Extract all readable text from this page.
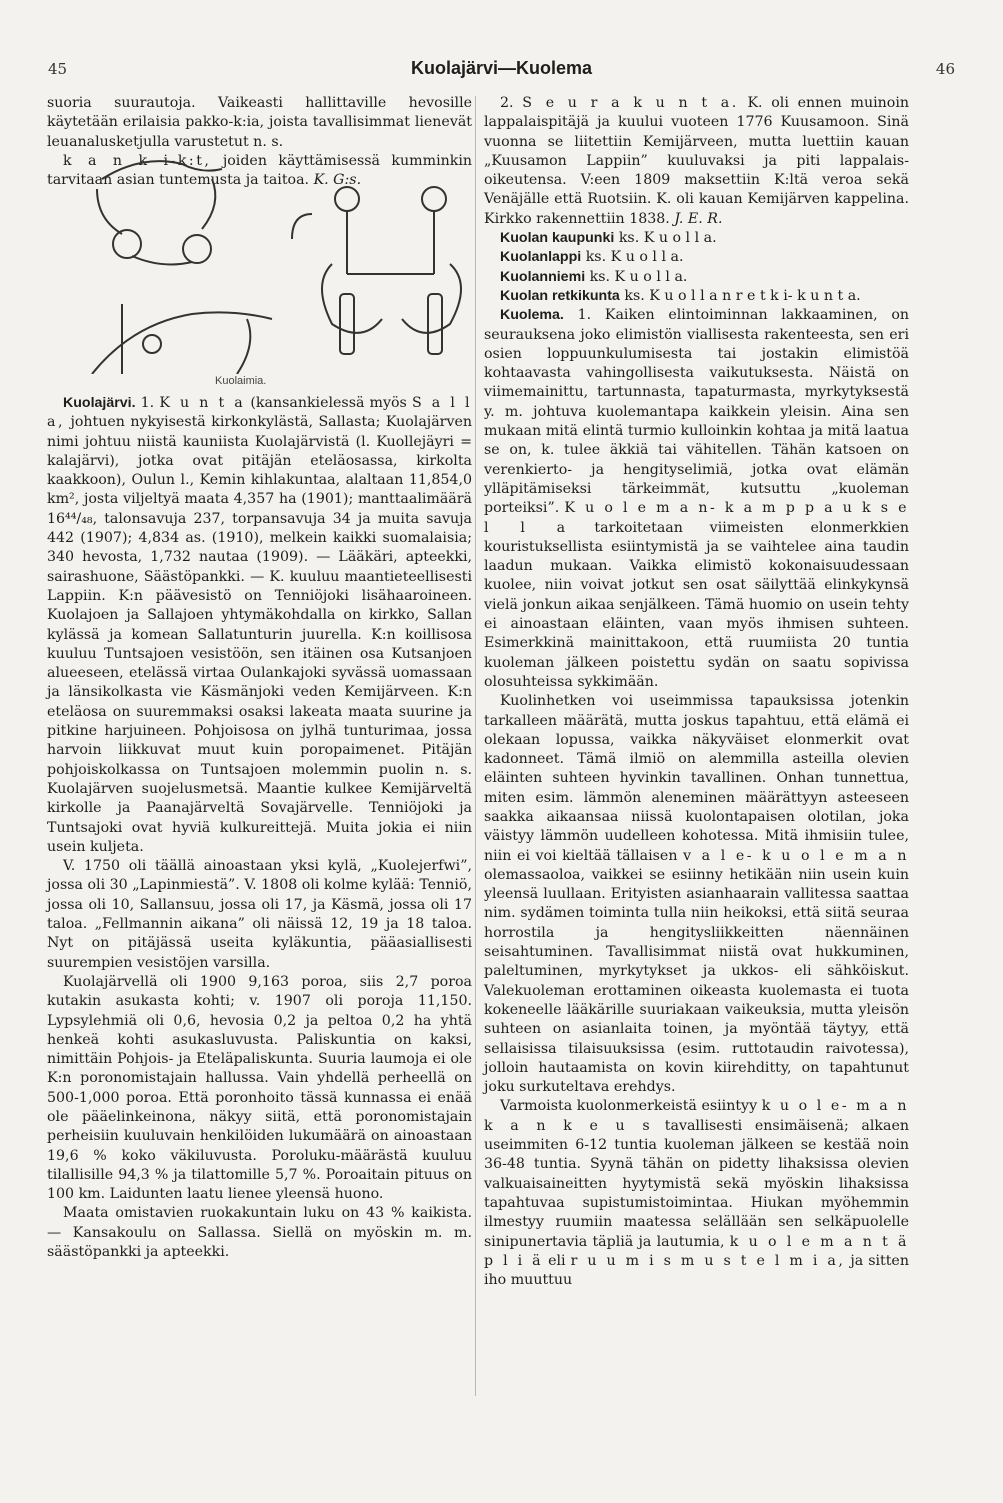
45	Kuolajärvi—Kuolema	46

suoria suurautoja. Vaikeasti hallittaville hevosille käytetään erilaisia pakko-k:ia, joista tavallisimmat lienevät leuanalusketjulla varustetut n. s.

k a n k i-k:t, joiden käyttämisessä kumminkin tarvitaan asian tuntemusta ja taitoa. K. G:s.

Kuolaimia.

Kuolajärvi. 1. K u n t a (kansankielessä myös S a l l a, johtuen nykyisestä kirkonkylästä, Sallasta; Kuolajärven nimi johtuu niistä kauniista Kuolajärvistä (l. Kuollejäyri = kalajärvi), jotka ovat pitäjän eteläosassa, kirkolta kaakkoon), Oulun l., Kemin kihlakuntaa, alaltaan 11,854,0 km², josta viljeltyä maata 4,357 ha (1901); manttaalimäärä 16⁴⁴/₄₈, talonsavuja 237, torpansavuja 34 ja muita savuja 442 (1907); 4,834 as. (1910), melkein kaikki suomalaisia; 340 hevosta, 1,732 nautaa (1909). — Lääkäri, apteekki, sairashuone, Säästöpankki. — K. kuuluu maantieteellisesti Lappiin. K:n päävesistö on Tenniöjoki lisähaaroineen. Kuolajoen ja Sallajoen yhtymäkohdalla on kirkko, Sallan kylässä ja komean Sallatunturin juurella. K:n koillisosa kuuluu Tuntsajoen vesistöön, sen itäinen osa Kutsanjoen alueeseen, etelässä virtaa Oulankajoki syvässä uomassaan ja länsikolkasta vie Käsmänjoki veden Kemijärveen. K:n eteläosa on suuremmaksi osaksi lakeata maata suurine ja pitkine harjuineen. Pohjoisosa on jylhä tunturimaa, jossa harvoin liikkuvat muut kuin poropaimenet. Pitäjän pohjoiskolkassa on Tuntsajoen molemmin puolin n. s. Kuolajärven suojelusmetsä. Maantie kulkee Kemijärveltä kirkolle ja Paanajärveltä Sovajärvelle. Tenniöjoki ja Tuntsajoki ovat hyviä kulkureittejä. Muita jokia ei niin usein kuljeta.

V. 1750 oli täällä ainoastaan yksi kylä, „Kuolejerfwi”, jossa oli 30 „Lapinmiestä”. V. 1808 oli kolme kylää: Tenniö, jossa oli 10, Sallansuu, jossa oli 17, ja Käsmä, jossa oli 17 taloa. „Fellmannin aikana” oli näissä 12, 19 ja 18 taloa. Nyt on pitäjässä useita kyläkuntia, pääasiallisesti suurempien vesistöjen varsilla.

Kuolajärvellä oli 1900 9,163 poroa, siis 2,7 poroa kutakin asukasta kohti; v. 1907 oli poroja 11,150. Lypsylehmiä oli 0,6, hevosia 0,2 ja peltoa 0,2 ha yhtä henkeä kohti asukasluvusta. Paliskuntia on kaksi, nimittäin Pohjois- ja Eteläpaliskunta. Suuria laumoja ei ole K:n poronomistajain hallussa. Vain yhdellä perheellä on 500-1,000 poroa. Että poronhoito tässä kunnassa ei enää ole pääelinkeinona, näkyy siitä, että poronomistajain perheisiin kuuluvain henkilöiden lukumäärä on ainoastaan 19,6 % koko väkiluvusta. Poroluku-määrästä kuuluu tilallisille 94,3 % ja tilattomille 5,7 %. Poroaitain pituus on 100 km. Laidunten laatu lienee yleensä huono.

Maata omistavien ruokakuntain luku on 43 % kaikista. — Kansakoulu on Sallassa. Siellä on myöskin m. m. säästöpankki ja apteekki.

2. S e u r a k u n t a. K. oli ennen muinoin lappalaispitäjä ja kuului vuoteen 1776 Kuusamoon. Sinä vuonna se liitettiin Kemijärveen, mutta luettiin kauan „Kuusamon Lappiin” kuuluvaksi ja piti lappalais-oikeutensa. V:een 1809 maksettiin K:ltä veroa sekä Venäjälle että Ruotsiin. K. oli kauan Kemijärven kappelina. Kirkko rakennettiin 1838. J. E. R.

Kuolan kaupunki ks. K u o l l a.

Kuolanlappi ks. K u o l l a.

Kuolanniemi ks. K u o l l a.

Kuolan retkikunta ks. K u o l l a n r e t k i- k u n t a.

Kuolema. 1. Kaiken elintoiminnan lakkaaminen, on seurauksena joko elimistön viallisesta rakenteesta, sen eri osien loppuunkulumisesta tai jostakin elimistöä kohtaavasta vahingollisesta vaikutuksesta. Näistä on viimemainittu, tartunnasta, tapaturmasta, myrkytyksestä y. m. johtuva kuolemantapa kaikkein yleisin. Aina sen mukaan mitä elintä turmio kulloinkin kohtaa ja mitä laatua se on, k. tulee äkkiä tai vähitellen. Tähän katsoen on verenkierto- ja hengityselimiä, jotka ovat elämän ylläpitämiseksi tärkeimmät, kutsuttu „kuoleman porteiksi”. K u o l e m a n- k a m p p a u k s e l l a tarkoitetaan viimeisten elonmerkkien kouristuksellista esiintymistä ja se vaihtelee aina taudin laadun mukaan. Vaikka elimistö kokonaisuudessaan kuolee, niin voivat jotkut sen osat säilyttää elinkykynsä vielä jonkun aikaa senjälkeen. Tämä huomio on usein tehty ei ainoastaan eläinten, vaan myös ihmisen suhteen. Esimerkkinä mainittakoon, että ruumiista 20 tuntia kuoleman jälkeen poistettu sydän on saatu sopivissa olosuhteissa sykkimään.

Kuolinhetken voi useimmissa tapauksissa jotenkin tarkalleen määrätä, mutta joskus tapahtuu, että elämä ei olekaan lopussa, vaikka näkyväiset elonmerkit ovat kadonneet. Tämä ilmiö on alemmilla asteilla olevien eläinten suhteen hyvinkin tavallinen. Onhan tunnettua, miten esim. lämmön aleneminen määrättyyn asteeseen saakka aikaansaa niissä kuolontapaisen olotilan, joka väistyy lämmön uudelleen kohotessa. Mitä ihmisiin tulee, niin ei voi kieltää tällaisen v a l e- k u o l e m a n olemassaoloa, vaikkei se esiinny hetikään niin usein kuin yleensä luullaan. Erityisten asianhaarain vallitessa saattaa nim. sydämen toiminta tulla niin heikoksi, että siitä seuraa horrostila ja hengitysliikkeitten näennäinen seisahtuminen. Tavallisimmat niistä ovat hukkuminen, paleltuminen, myrkytykset ja ukkos- eli sähköiskut. Valekuoleman erottaminen oikeasta kuolemasta ei tuota kokeneelle lääkärille suuriakaan vaikeuksia, mutta yleisön suhteen on asianlaita toinen, ja myöntää täytyy, että sellaisissa tilaisuuksissa (esim. ruttotaudin raivotessa), jolloin hautaamista on kovin kiirehditty, on tapahtunut joku surkuteltava erehdys.

Varmoista kuolonmerkeistä esiintyy k u o l e- m a n k a n k e u s tavallisesti ensimäisenä; alkaen useimmiten 6-12 tuntia kuoleman jälkeen se kestää noin 36-48 tuntia. Syynä tähän on pidetty lihaksissa olevien valkuaisaineitten hyytymistä sekä myöskin lihaksissa tapahtuvaa supistumistoimintaa. Hiukan myöhemmin ilmestyy ruumiin maatessa selällään sen selkäpuolelle sinipunertavia täpliä ja lautumia, k u o l e m a n t ä p l i ä eli r u u m i s m u s t e l m i a, ja sitten iho muuttuu
